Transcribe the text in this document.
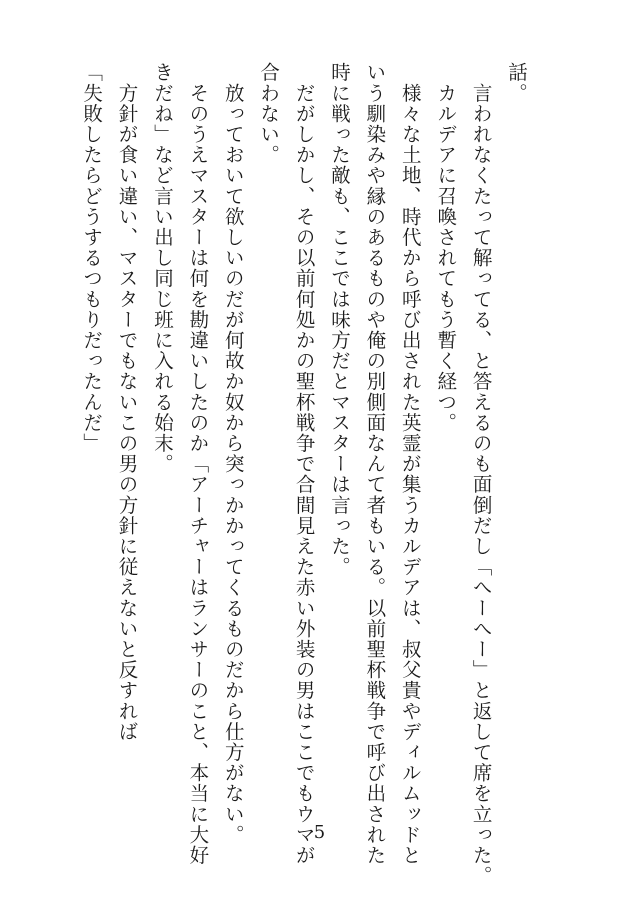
話。

　言われなくたって解ってる、と答えるのも面倒だし「へーへー」と返して席を立った。

　カルデアに召喚されてもう暫く経つ。

　様々な土地、時代から呼び出された英霊が集うカルデアは、叔父貴やディルムッドと

いう馴染みや縁のあるものや俺の別側面なんて者もいる。以前聖杯戦争で呼び出された

時に戦った敵も、ここでは味方だとマスターは言った。

　だがしかし、その以前何処かの聖杯戦争で合間見えた赤い外装の男はここでもウマが

合わない。

　放っておいて欲しいのだが何故か奴から突っかかってくるものだから仕方がない。

　そのうえマスターは何を勘違いしたのか「アーチャーはランサーのこと、本当に大好

きだね」など言い出し同じ班に入れる始末。

　方針が食い違い、マスターでもないこの男の方針に従えないと反すれば

「失敗したらどうするつもりだったんだ」

5
